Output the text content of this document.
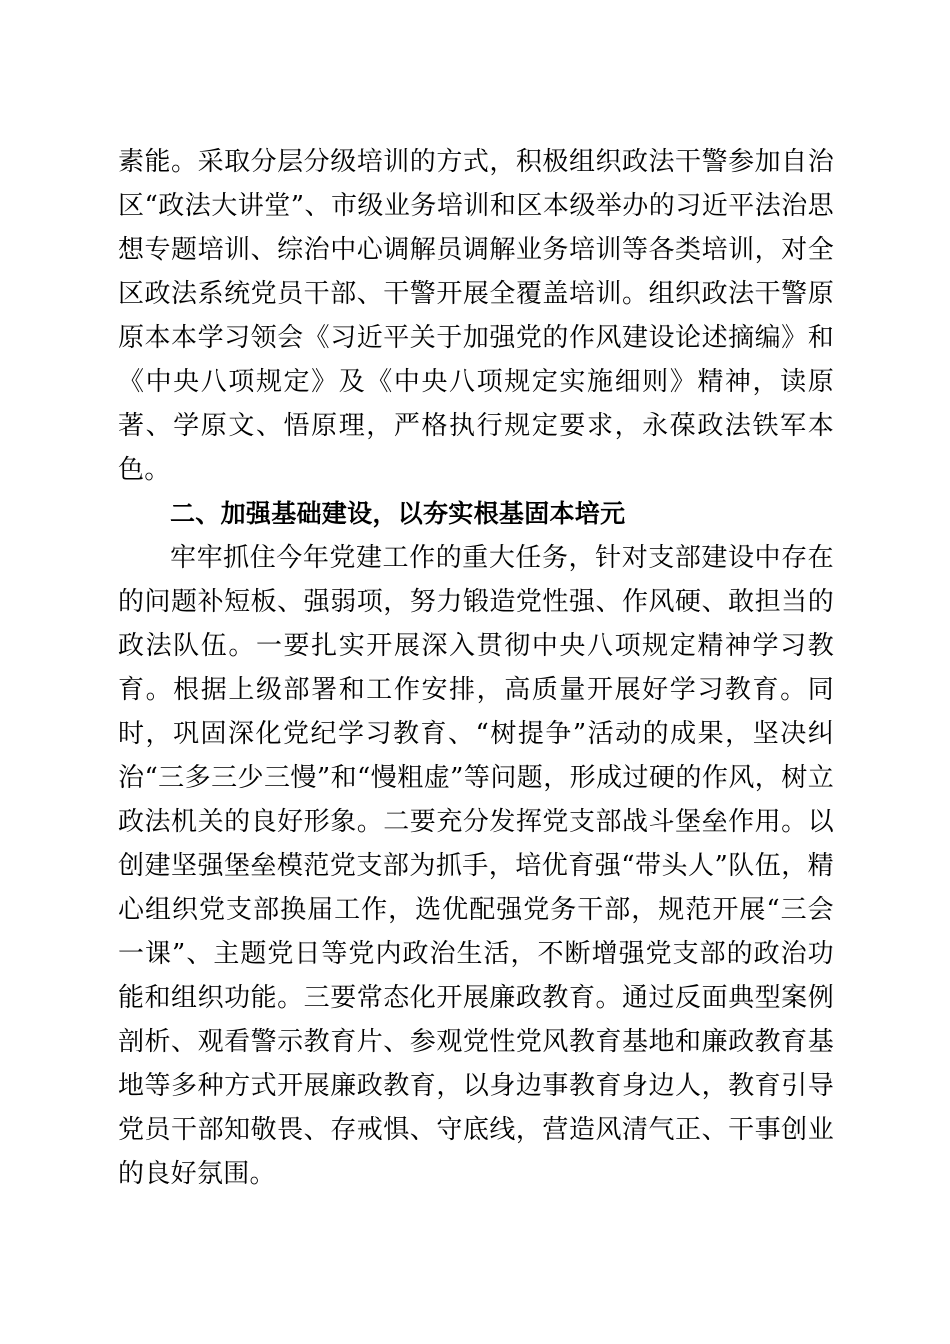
素能。采取分层分级培训的方式，积极组织政法干警参加自治区“政法大讲堂”、市级业务培训和区本级举办的习近平法治思想专题培训、综治中心调解员调解业务培训等各类培训，对全区政法系统党员干部、干警开展全覆盖培训。组织政法干警原原本本学习领会《习近平关于加强党的作风建设论述摘编》和《中央八项规定》及《中央八项规定实施细则》精神，读原著、学原文、悟原理，严格执行规定要求，永葆政法铁军本色。

二、加强基础建设，以夯实根基固本培元

牢牢抓住今年党建工作的重大任务，针对支部建设中存在的问题补短板、强弱项，努力锻造党性强、作风硬、敢担当的政法队伍。一要扎实开展深入贯彻中央八项规定精神学习教育。根据上级部署和工作安排，高质量开展好学习教育。同时，巩固深化党纪学习教育、“树提争”活动的成果，坚决纠治“三多三少三慢”和“慢粗虚”等问题，形成过硬的作风，树立政法机关的良好形象。二要充分发挥党支部战斗堡垒作用。以创建坚强堡垒模范党支部为抓手，培优育强“带头人”队伍，精心组织党支部换届工作，选优配强党务干部，规范开展“三会一课”、主题党日等党内政治生活，不断增强党支部的政治功能和组织功能。三要常态化开展廉政教育。通过反面典型案例剖析、观看警示教育片、参观党性党风教育基地和廉政教育基地等多种方式开展廉政教育，以身边事教育身边人，教育引导党员干部知敬畏、存戒惧、守底线，营造风清气正、干事创业的良好氛围。
